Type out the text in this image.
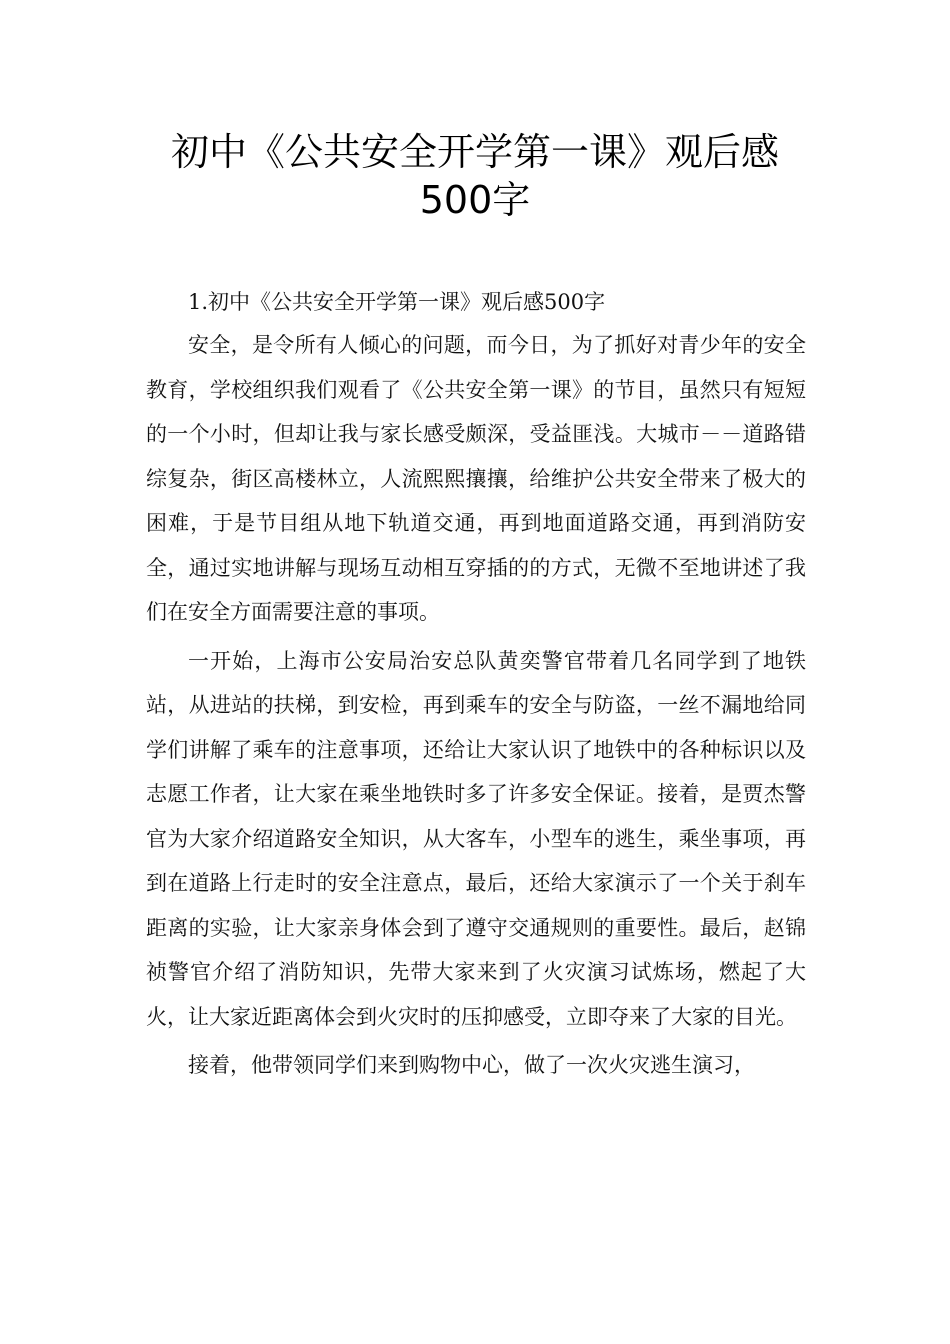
初中《公共安全开学第一课》观后感
500字

1.初中《公共安全开学第一课》观后感500字

安全，是令所有人倾心的问题，而今日，为了抓好对青少年的安全教育，学校组织我们观看了《公共安全第一课》的节目，虽然只有短短的一个小时，但却让我与家长感受颇深，受益匪浅。大城市－－道路错综复杂，街区高楼林立，人流熙熙攘攘，给维护公共安全带来了极大的困难，于是节目组从地下轨道交通，再到地面道路交通，再到消防安全，通过实地讲解与现场互动相互穿插的的方式，无微不至地讲述了我们在安全方面需要注意的事项。

一开始，上海市公安局治安总队黄奕警官带着几名同学到了地铁站，从进站的扶梯，到安检，再到乘车的安全与防盗，一丝不漏地给同学们讲解了乘车的注意事项，还给让大家认识了地铁中的各种标识以及志愿工作者，让大家在乘坐地铁时多了许多安全保证。接着，是贾杰警官为大家介绍道路安全知识，从大客车，小型车的逃生，乘坐事项，再到在道路上行走时的安全注意点，最后，还给大家演示了一个关于刹车距离的实验，让大家亲身体会到了遵守交通规则的重要性。最后，赵锦祯警官介绍了消防知识，先带大家来到了火灾演习试炼场，燃起了大火，让大家近距离体会到火灾时的压抑感受，立即夺来了大家的目光。

接着，他带领同学们来到购物中心，做了一次火灾逃生演习，
